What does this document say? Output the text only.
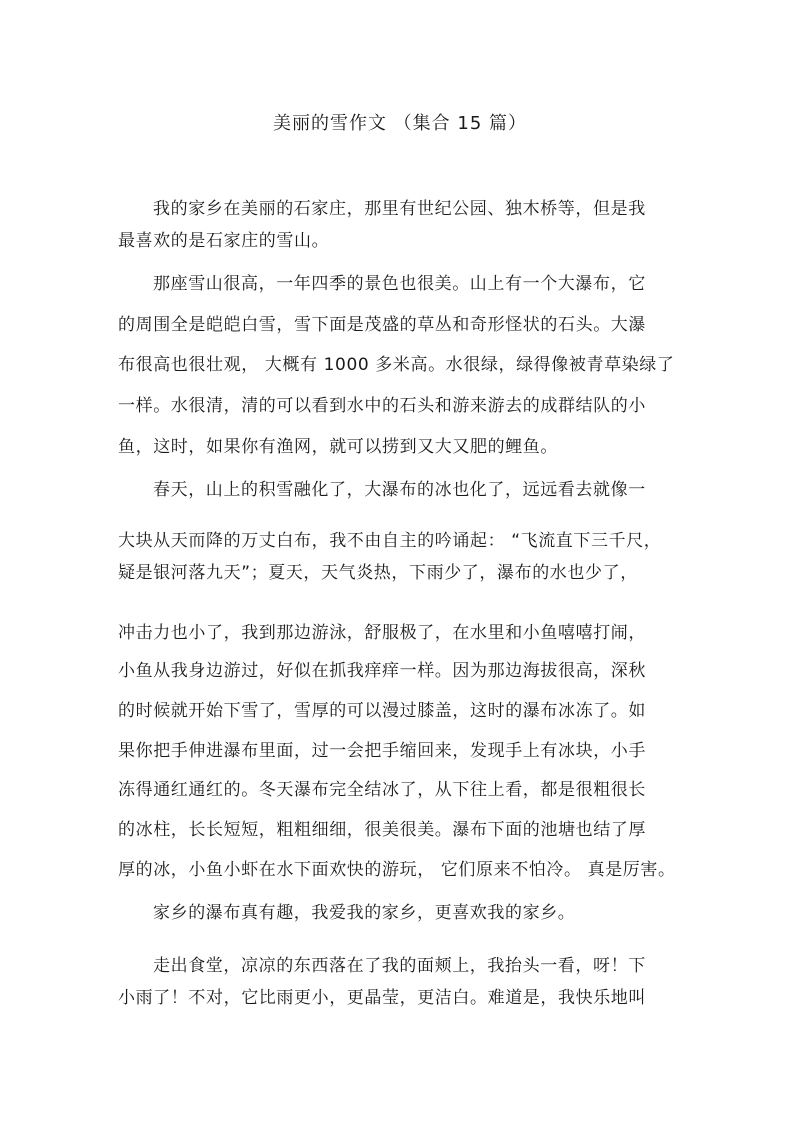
美丽的雪作文 （集合 15 篇）
我的家乡在美丽的石家庄，那里有世纪公园、独木桥等，但是我
最喜欢的是石家庄的雪山。
那座雪山很高，一年四季的景色也很美。山上有一个大瀑布，它
的周围全是皑皑白雪，雪下面是茂盛的草丛和奇形怪状的石头。大瀑
布很高也很壮观， 大概有 1000 多米高。水很绿，绿得像被青草染绿了
一样。水很清，清的可以看到水中的石头和游来游去的成群结队的小
鱼，这时，如果你有渔网，就可以捞到又大又肥的鲤鱼。
春天，山上的积雪融化了，大瀑布的冰也化了，远远看去就像一
大块从天而降的万丈白布，我不由自主的吟诵起： “飞流直下三千尺，
疑是银河落九天”；夏天，天气炎热，下雨少了，瀑布的水也少了，
冲击力也小了，我到那边游泳，舒服极了，在水里和小鱼嘻嘻打闹，
小鱼从我身边游过，好似在抓我痒痒一样。因为那边海拔很高，深秋
的时候就开始下雪了，雪厚的可以漫过膝盖，这时的瀑布冰冻了。如
果你把手伸进瀑布里面，过一会把手缩回来，发现手上有冰块，小手
冻得通红通红的。冬天瀑布完全结冰了，从下往上看，都是很粗很长
的冰柱，长长短短，粗粗细细，很美很美。瀑布下面的池塘也结了厚
厚的冰，小鱼小虾在水下面欢快的游玩， 它们原来不怕冷。 真是厉害。
家乡的瀑布真有趣，我爱我的家乡，更喜欢我的家乡。
走出食堂，凉凉的东西落在了我的面颊上，我抬头一看，呀！下
小雨了！不对，它比雨更小，更晶莹，更洁白。难道是，我快乐地叫
